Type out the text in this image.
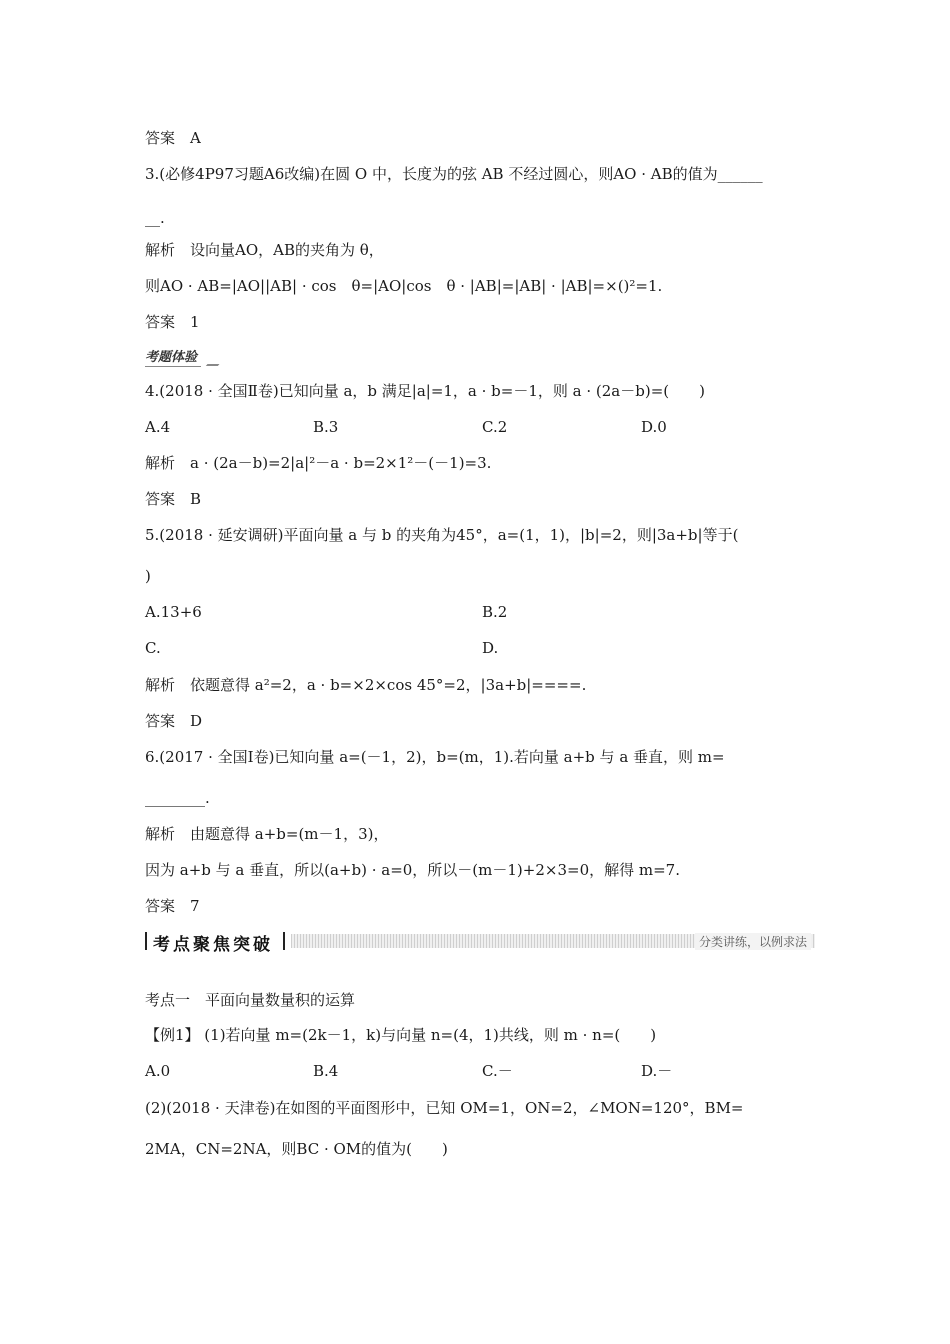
答案　A
3.(必修4P97习题A6改编)在圆 O 中，长度为的弦 AB 不经过圆心，则AO · AB的值为______
__.
解析　设向量AO，AB的夹角为 θ，
则AO · AB=|AO||AB| · cos　θ=|AO|cos　θ · |AB|=|AB| · |AB|=×()²=1.
答案　1
4.(2018 · 全国Ⅱ卷)已知向量 a，b 满足|a|=1，a · b=－1，则 a · (2a－b)=(　　)
解析　a · (2a－b)=2|a|²－a · b=2×1²－(－1)=3.
答案　B
5.(2018 · 延安调研)平面向量 a 与 b 的夹角为45°，a=(1，1)，|b|=2，则|3a+b|等于(
)
解析　依题意得 a²=2，a · b=×2×cos 45°=2，|3a+b|====.
答案　D
6.(2017 · 全国Ⅰ卷)已知向量 a=(－1，2)，b=(m，1).若向量 a+b 与 a 垂直，则 m=
________.
解析　由题意得 a+b=(m－1，3)，
因为 a+b 与 a 垂直，所以(a+b) · a=0，所以－(m－1)+2×3=0，解得 m=7.
答案　7
考点一　平面向量数量积的运算
【例1】 (1)若向量 m=(2k－1，k)与向量 n=(4，1)共线，则 m · n=(　　)
(2)(2018 · 天津卷)在如图的平面图形中，已知 OM=1，ON=2，∠MON=120°，BM=
2MA，CN=2NA，则BC · OM的值为(　　)
考题体验
A.4	B.3	C.2	D.0
A.13+6	B.2
C.	D.
A.0	B.4	C.－	D.－
考点聚焦突破	分类讲练，以例求法
